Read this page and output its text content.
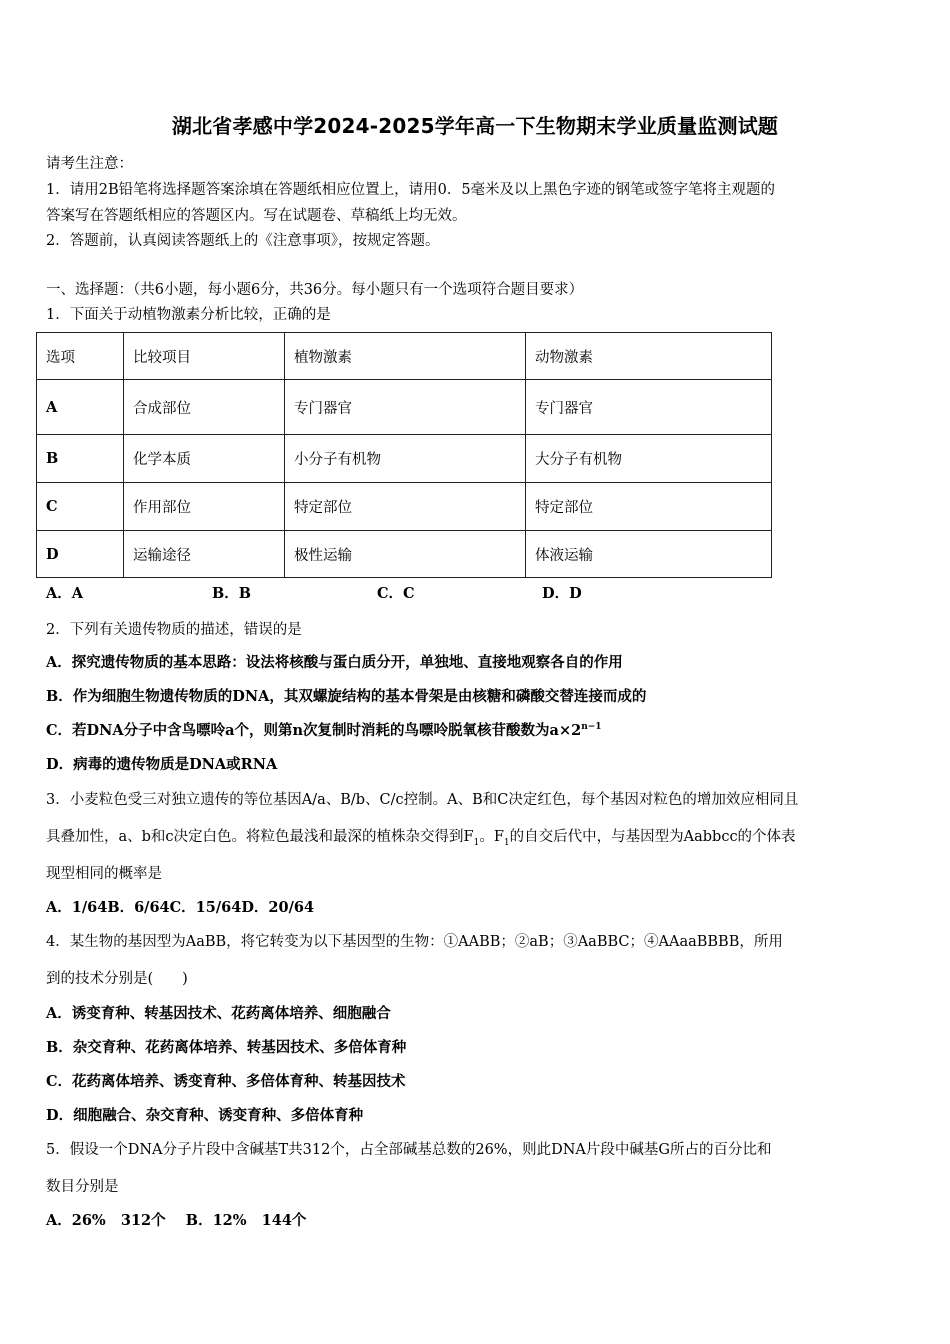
湖北省孝感中学2024-2025学年高一下生物期末学业质量监测试题
请考生注意：
1．请用2B铅笔将选择题答案涂填在答题纸相应位置上，请用0．5毫米及以上黑色字迹的钢笔或签字笔将主观题的
答案写在答题纸相应的答题区内。写在试题卷、草稿纸上均无效。
2．答题前，认真阅读答题纸上的《注意事项》，按规定答题。
一、选择题：（共6小题，每小题6分，共36分。每小题只有一个选项符合题目要求）
1．下面关于动植物激素分析比较，正确的是
选项	比较项目	植物激素	动物激素
A	合成部位	专门器官	专门器官
B	化学本质	小分子有机物	大分子有机物
C	作用部位	特定部位	特定部位
D	运输途径	极性运输	体液运输
A．A	B．B	C．C	D．D
2．下列有关遗传物质的描述，错误的是
A．探究遗传物质的基本思路：设法将核酸与蛋白质分开，单独地、直接地观察各自的作用
B．作为细胞生物遗传物质的DNA，其双螺旋结构的基本骨架是由核糖和磷酸交替连接而成的
C．若DNA分子中含鸟嘌呤a个，则第n次复制时消耗的鸟嘌呤脱氧核苷酸数为$a\times 2^{n-1}$
D．病毒的遗传物质是DNA或RNA
3．小麦粒色受三对独立遗传的等位基因A/a、B/b、C/c控制。A、B和C决定红色，每个基因对粒色的增加效应相同且
具叠加性，a、b和c决定白色。将粒色最浅和最深的植株杂交得到$F_1$。$F_1$的自交后代中，与基因型为Aabbcc的个体表
现型相同的概率是
A．1/64B．6/64C．15/64D．20/64
4．某生物的基因型为AaBB，将它转变为以下基因型的生物：①AABB；②aB；③AaBBC；④AAaaBBBB，所用
到的技术分别是(　　)
A．诱变育种、转基因技术、花药离体培养、细胞融合
B．杂交育种、花药离体培养、转基因技术、多倍体育种
C．花药离体培养、诱变育种、多倍体育种、转基因技术
D．细胞融合、杂交育种、诱变育种、多倍体育种
5．假设一个DNA分子片段中含碱基T共312个，占全部碱基总数的26%，则此DNA片段中碱基G所占的百分比和
数目分别是
A．26%   312个    B．12%   144个
